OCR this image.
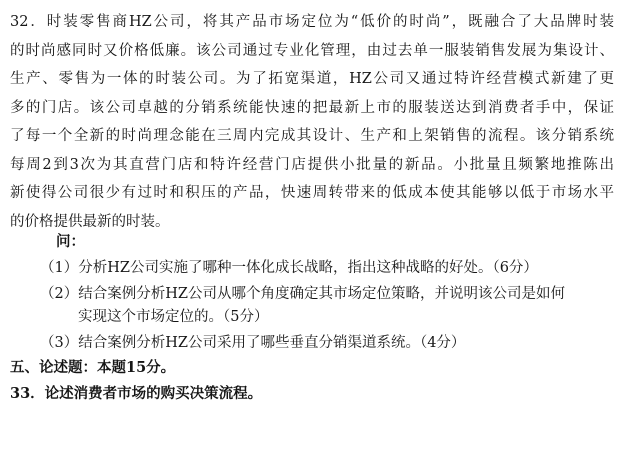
32．时装零售商HZ公司，将其产品市场定位为“低价的时尚”，既融合了大品牌时装
的时尚感同时又价格低廉。该公司通过专业化管理，由过去单一服装销售发展为集设计、
生产、零售为一体的时装公司。为了拓宽渠道，HZ公司又通过特许经营模式新建了更
多的门店。该公司卓越的分销系统能快速的把最新上市的服装送达到消费者手中，保证
了每一个全新的时尚理念能在三周内完成其设计、生产和上架销售的流程。该分销系统
每周2到3次为其直营门店和特许经营门店提供小批量的新品。小批量且频繁地推陈出
新使得公司很少有过时和积压的产品，快速周转带来的低成本使其能够以低于市场水平
的价格提供最新的时装。

问：

（1）分析HZ公司实施了哪种一体化成长战略，指出这种战略的好处。（6分）

（2）结合案例分析HZ公司从哪个角度确定其市场定位策略，并说明该公司是如何

实现这个市场定位的。（5分）

（3）结合案例分析HZ公司采用了哪些垂直分销渠道系统。（4分）

五、论述题：本题15分。

33．论述消费者市场的购买决策流程。
